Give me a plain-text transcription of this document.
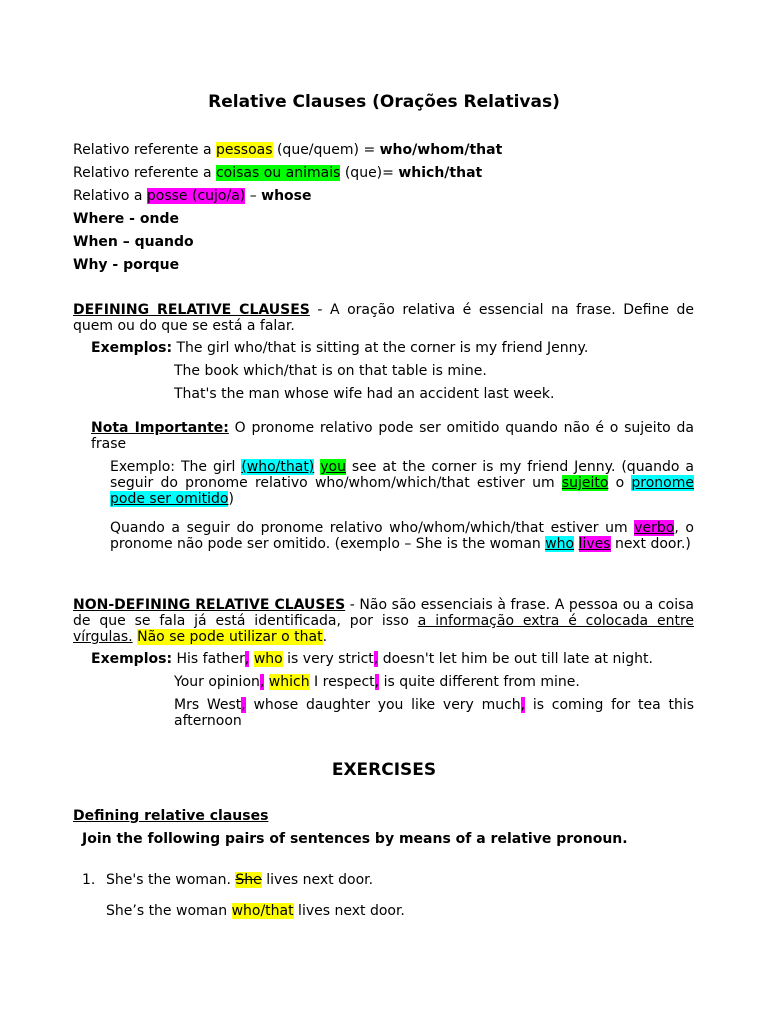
Relative Clauses (Orações Relativas)
Relativo referente a pessoas (que/quem) = who/whom/that
Relativo referente a coisas ou animais (que)= which/that
Relativo a posse (cujo/a) – whose
Where - onde
When – quando
Why - porque
DEFINING RELATIVE CLAUSES - A oração relativa é essencial na frase. Define de quem ou do que se está a falar.
Exemplos: The girl who/that is sitting at the corner is my friend Jenny.
The book which/that is on that table is mine.
That's the man whose wife had an accident last week.
Nota Importante: O pronome relativo pode ser omitido quando não é o sujeito da frase
Exemplo: The girl (who/that) you see at the corner is my friend Jenny. (quando a seguir do pronome relativo who/whom/which/that estiver um sujeito o pronome pode ser omitido)
Quando a seguir do pronome relativo who/whom/which/that estiver um verbo, o pronome não pode ser omitido. (exemplo – She is the woman who lives next door.)
NON-DEFINING RELATIVE CLAUSES - Não são essenciais à frase. A pessoa ou a coisa de que se fala já está identificada, por isso a informação extra é colocada entre vírgulas. Não se pode utilizar o that.
Exemplos: His father, who is very strict, doesn't let him be out till late at night.
Your opinion, which I respect, is quite different from mine.
Mrs West, whose daughter you like very much, is coming for tea this afternoon
EXERCISES
Defining relative clauses
Join the following pairs of sentences by means of a relative pronoun.
1. She's the woman. She lives next door.
She’s the woman who/that lives next door.
